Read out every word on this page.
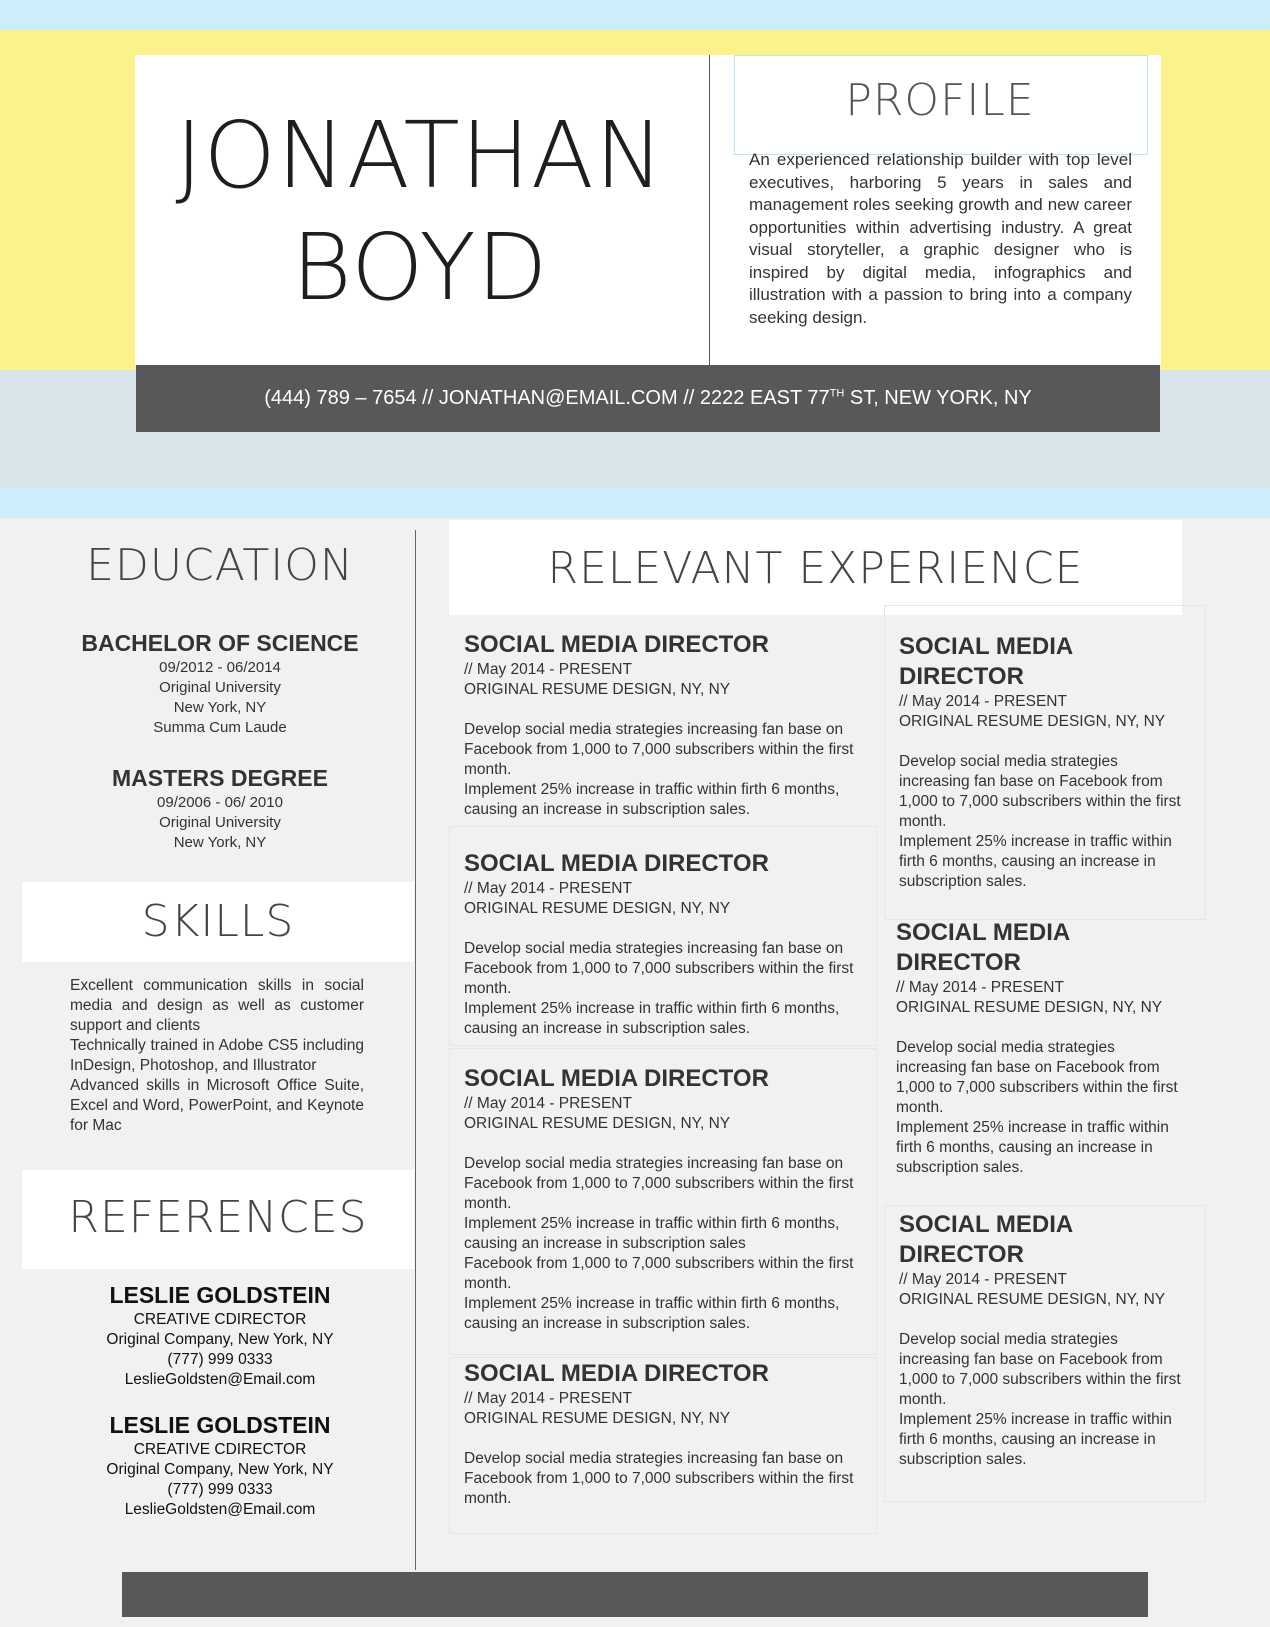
JONATHAN
BOYD
PROFILE
An experienced relationship builder with top level executives, harboring 5 years in sales and management roles seeking growth and new career opportunities within advertising industry. A great visual storyteller, a graphic designer who is inspired by digital media, infographics and illustration with a passion to bring into a company seeking design.
(444) 789 – 7654 // JONATHAN@EMAIL.COM // 2222 EAST 77TH ST, NEW YORK, NY
EDUCATION
BACHELOR OF SCIENCE
09/2012 - 06/2014
Original University
New York, NY
Summa Cum Laude
MASTERS DEGREE
09/2006 - 06/ 2010
Original University
New York, NY
SKILLS
Excellent communication skills in social media and design as well as customer support and clients
Technically trained in Adobe CS5 including InDesign, Photoshop, and Illustrator
Advanced skills in Microsoft Office Suite, Excel and Word, PowerPoint, and Keynote for Mac
REFERENCES
LESLIE GOLDSTEIN
CREATIVE CDIRECTOR
Original Company, New York, NY
(777) 999 0333
LeslieGoldsten@Email.com
LESLIE GOLDSTEIN
CREATIVE CDIRECTOR
Original Company, New York, NY
(777) 999 0333
LeslieGoldsten@Email.com
RELEVANT EXPERIENCE
SOCIAL MEDIA DIRECTOR
// May 2014 - PRESENT
ORIGINAL RESUME DESIGN, NY, NY
Develop social media strategies increasing fan base on Facebook from 1,000 to 7,000 subscribers within the first month.
Implement 25% increase in traffic within firth 6 months, causing an increase in subscription sales.
SOCIAL MEDIA DIRECTOR
// May 2014 - PRESENT
ORIGINAL RESUME DESIGN, NY, NY
Develop social media strategies increasing fan base on Facebook from 1,000 to 7,000 subscribers within the first month.
Implement 25% increase in traffic within firth 6 months, causing an increase in subscription sales.
SOCIAL MEDIA DIRECTOR
// May 2014 - PRESENT
ORIGINAL RESUME DESIGN, NY, NY
Develop social media strategies increasing fan base on Facebook from 1,000 to 7,000 subscribers within the first month.
Implement 25% increase in traffic within firth 6 months, causing an increase in subscription sales
Facebook from 1,000 to 7,000 subscribers within the first month.
Implement 25% increase in traffic within firth 6 months, causing an increase in subscription sales.
SOCIAL MEDIA DIRECTOR
// May 2014 - PRESENT
ORIGINAL RESUME DESIGN, NY, NY
Develop social media strategies increasing fan base on Facebook from 1,000 to 7,000 subscribers within the first month.
SOCIAL MEDIA DIRECTOR
// May 2014 - PRESENT
ORIGINAL RESUME DESIGN, NY, NY
Develop social media strategies increasing fan base on Facebook from 1,000 to 7,000 subscribers within the first month.
Implement 25% increase in traffic within firth 6 months, causing an increase in subscription sales.
SOCIAL MEDIA DIRECTOR
// May 2014 - PRESENT
ORIGINAL RESUME DESIGN, NY, NY
Develop social media strategies increasing fan base on Facebook from 1,000 to 7,000 subscribers within the first month.
Implement 25% increase in traffic within firth 6 months, causing an increase in subscription sales.
SOCIAL MEDIA DIRECTOR
// May 2014 - PRESENT
ORIGINAL RESUME DESIGN, NY, NY
Develop social media strategies increasing fan base on Facebook from 1,000 to 7,000 subscribers within the first month.
Implement 25% increase in traffic within firth 6 months, causing an increase in subscription sales.
